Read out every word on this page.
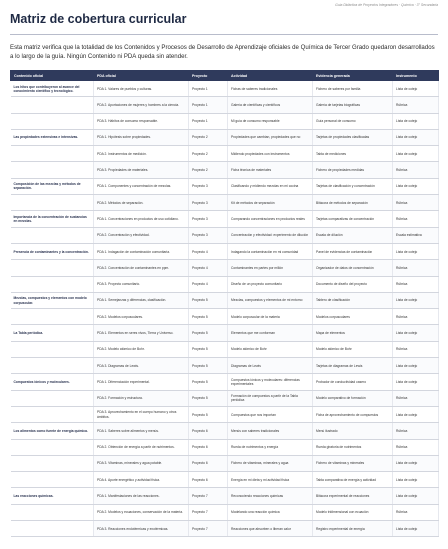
Guía Didáctica de Proyectos Integradores · Química · 3° Secundaria
Matriz de cobertura curricular

Esta matriz verifica que la totalidad de los Contenidos y Procesos de Desarrollo de Aprendizaje oficiales de Química de Tercer Grado quedaron desarrollados a lo largo de la guía. Ningún Contenido ni PDA queda sin atender.

Contenido oficial	PDA oficial	Proyecto	Actividad	Evidencia generada	Instrumento
Los hitos que contribuyeron al avance del conocimiento científico y tecnológico.	PDA 1. Valores de pueblos y culturas.	Proyecto 1	Fichas de saberes tradicionales	Fichero de saberes por familia	Lista de cotejo
	PDA 2. Aportaciones de mujeres y hombres a la ciencia.	Proyecto 1	Galería de científicas y científicos	Galería de tarjetas biográficas	Rúbrica
	PDA 3. Hábitos de consumo responsable.	Proyecto 1	Mi guía de consumo responsable	Guía personal de consumo	Lista de cotejo
Las propiedades extensivas e intensivas.	PDA 1. Hipótesis sobre propiedades.	Proyecto 2	Propiedades que cambian, propiedades que no	Tarjetas de propiedades clasificadas	Lista de cotejo
	PDA 2. Instrumentos de medición.	Proyecto 2	Midiendo propiedades con instrumentos	Tabla de mediciones	Lista de cotejo
	PDA 3. Propiedades de materiales.	Proyecto 2	Ficha técnica de materiales	Fichero de propiedades medidas	Rúbrica
Composición de las mezclas y métodos de separación.	PDA 1. Componentes y concentración de mezclas.	Proyecto 3	Clasificando y midiendo mezclas en mi cocina	Tarjetas de clasificación y concentración	Lista de cotejo
	PDA 2. Métodos de separación.	Proyecto 3	Kit de métodos de separación	Bitácora de métodos de separación	Rúbrica
Importancia de la concentración de sustancias en mezclas.	PDA 1. Concentraciones en productos de uso cotidiano.	Proyecto 3	Comparando concentraciones en productos reales	Tarjetas comparativas de concentración	Rúbrica
	PDA 2. Concentración y efectividad.	Proyecto 3	Concentración y efectividad: experimento de dilución	Escala de dilución	Escala estimativa
Presencia de contaminantes y la concentración.	PDA 1. Indagación de contaminación comunitaria.	Proyecto 4	Indagando la contaminación en mi comunidad	Panel de evidencias de contaminación	Lista de cotejo
	PDA 2. Concentración de contaminantes en ppm.	Proyecto 4	Contaminantes en partes por millón	Organizador de datos de concentración	Rúbrica
	PDA 3. Proyecto comunitario.	Proyecto 4	Diseño de un proyecto comunitario	Documento de diseño del proyecto	Rúbrica
Mezclas, compuestos y elementos con modelo corpuscular.	PDA 1. Semejanzas y diferencias, clasificación.	Proyecto 5	Mezclas, compuestos y elementos de mi entorno	Tablero de clasificación	Lista de cotejo
	PDA 2. Modelos corpusculares.	Proyecto 5	Modelo corpuscular de la materia	Modelos corpusculares	Rúbrica
La Tabla periódica.	PDA 1. Elementos en seres vivos, Tierra y Universo.	Proyecto 5	Elementos que me conforman	Mapa de elementos	Lista de cotejo
	PDA 2. Modelo atómico de Bohr.	Proyecto 5	Modelo atómico de Bohr	Modelo atómico de Bohr	Rúbrica
	PDA 3. Diagramas de Lewis.	Proyecto 5	Diagramas de Lewis	Tarjetas de diagramas de Lewis	Lista de cotejo
Compuestos iónicos y moleculares.	PDA 1. Diferenciación experimental.	Proyecto 5	Compuestos iónicos y moleculares: diferencias experimentales	Probador de conductividad casero	Lista de cotejo
	PDA 2. Formación y estructura.	Proyecto 5	Formación de compuestos a partir de la Tabla periódica	Modelo comparativo de formación	Rúbrica
	PDA 3. Aprovechamiento en el cuerpo humano y otros ámbitos.	Proyecto 5	Compuestos que nos importan	Ficha de aprovechamiento de compuestos	Lista de cotejo
Los alimentos como fuente de energía química.	PDA 1. Saberes sobre alimentos y menús.	Proyecto 6	Menús con saberes tradicionales	Menú ilustrado	Rúbrica
	PDA 2. Obtención de energía a partir de nutrimentos.	Proyecto 6	Rueda de nutrimentos y energía	Rueda giratoria de nutrimentos	Rúbrica
	PDA 3. Vitaminas, minerales y agua potable.	Proyecto 6	Fichero de vitaminas, minerales y agua	Fichero de vitaminas y minerales	Lista de cotejo
	PDA 4. Aporte energético y actividad física.	Proyecto 6	Energía en mi dieta y mi actividad física	Tabla comparativa de energía y actividad	Lista de cotejo
Las reacciones químicas.	PDA 1. Manifestaciones de las reacciones.	Proyecto 7	Reconociendo reacciones químicas	Bitácora experimental de reacciones	Lista de cotejo
	PDA 2. Modelos y ecuaciones, conservación de la materia.	Proyecto 7	Modelando una reacción química	Modelo tridimensional con ecuación	Rúbrica
	PDA 3. Reacciones endotérmicas y exotérmicas.	Proyecto 7	Reacciones que absorben o liberan calor	Registro experimental de energía	Lista de cotejo
